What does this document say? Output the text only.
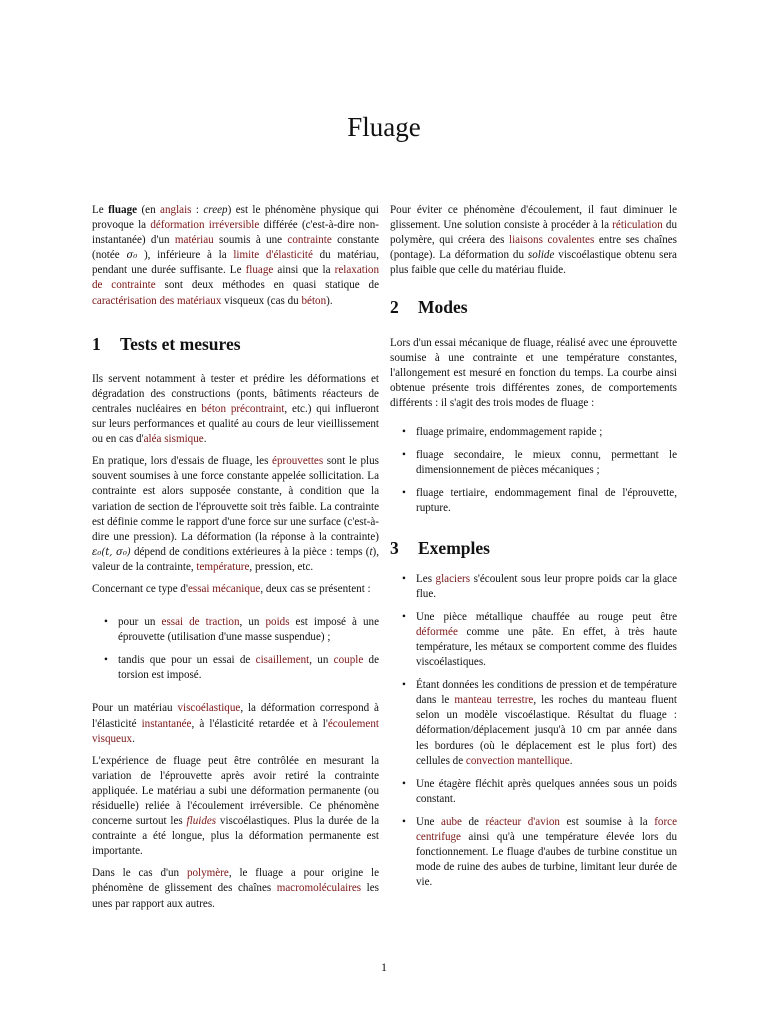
Fluage

Le fluage (en anglais : creep) est le phénomène physique qui provoque la déformation irréversible différée (c'est-à-dire non-instantanée) d'un matériau soumis à une contrainte constante (notée σ₀ ), inférieure à la limite d'élasticité du matériau, pendant une durée suffisante. Le fluage ainsi que la relaxation de contrainte sont deux méthodes en quasi statique de caractérisation des matériaux visqueux (cas du béton).

1 Tests et mesures

Ils servent notamment à tester et prédire les déformations et dégradation des constructions (ponts, bâtiments réacteurs de centrales nucléaires en béton précontraint, etc.) qui influeront sur leurs performances et qualité au cours de leur vieillissement ou en cas d'aléa sismique.

En pratique, lors d'essais de fluage, les éprouvettes sont le plus souvent soumises à une force constante appelée sollicitation. La contrainte est alors supposée constante, à condition que la variation de section de l'éprouvette soit très faible. La contrainte est définie comme le rapport d'une force sur une surface (c'est-à-dire une pression). La déformation (la réponse à la contrainte) ε₀(t, σ₀) dépend de conditions extérieures à la pièce : temps (t), valeur de la contrainte, température, pression, etc.

Concernant ce type d'essai mécanique, deux cas se présentent :

• pour un essai de traction, un poids est imposé à une éprouvette (utilisation d'une masse suspendue) ;
• tandis que pour un essai de cisaillement, un couple de torsion est imposé.

Pour un matériau viscoélastique, la déformation correspond à l'élasticité instantanée, à l'élasticité retardée et à l'écoulement visqueux.

L'expérience de fluage peut être contrôlée en mesurant la variation de l'éprouvette après avoir retiré la contrainte appliquée. Le matériau a subi une déformation permanente (ou résiduelle) reliée à l'écoulement irréversible. Ce phénomène concerne surtout les fluides viscoélastiques. Plus la durée de la contrainte a été longue, plus la déformation permanente est importante.

Dans le cas d'un polymère, le fluage a pour origine le phénomène de glissement des chaînes macromoléculaires les unes par rapport aux autres.

Pour éviter ce phénomène d'écoulement, il faut diminuer le glissement. Une solution consiste à procéder à la réticulation du polymère, qui créera des liaisons covalentes entre ses chaînes (pontage). La déformation du solide viscoélastique obtenu sera plus faible que celle du matériau fluide.

2 Modes

Lors d'un essai mécanique de fluage, réalisé avec une éprouvette soumise à une contrainte et une température constantes, l'allongement est mesuré en fonction du temps. La courbe ainsi obtenue présente trois différentes zones, de comportements différents : il s'agit des trois modes de fluage :

• fluage primaire, endommagement rapide ;
• fluage secondaire, le mieux connu, permettant le dimensionnement de pièces mécaniques ;
• fluage tertiaire, endommagement final de l'éprouvette, rupture.
3 Exemples
• Les glaciers s'écoulent sous leur propre poids car la glace flue.
• Une pièce métallique chauffée au rouge peut être déformée comme une pâte. En effet, à très haute température, les métaux se comportent comme des fluides viscoélastiques.
• Étant données les conditions de pression et de température dans le manteau terrestre, les roches du manteau fluent selon un modèle viscoélastique. Résultat du fluage : déformation/déplacement jusqu'à 10 cm par année dans les bordures (où le déplacement est le plus fort) des cellules de convection mantellique.
• Une étagère fléchit après quelques années sous un poids constant.
• Une aube de réacteur d'avion est soumise à la force centrifuge ainsi qu'à une température élevée lors du fonctionnement. Le fluage d'aubes de turbine constitue un mode de ruine des aubes de turbine, limitant leur durée de vie.
1
